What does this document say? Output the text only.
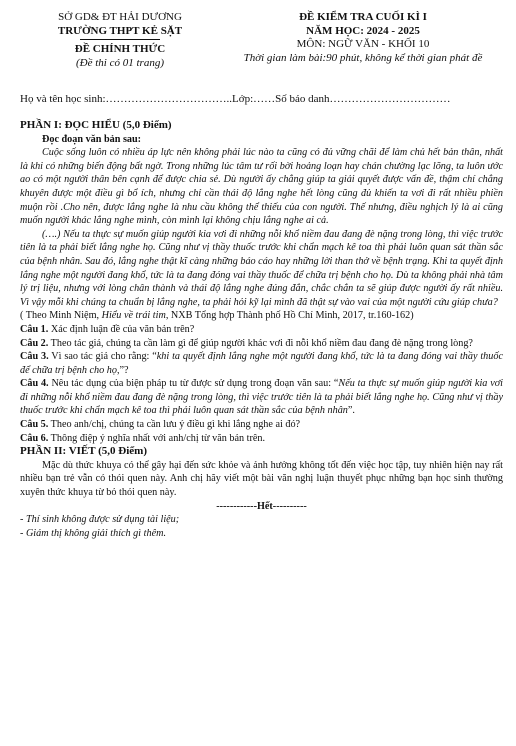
SỞ GD& ĐT HẢI DƯƠNG
TRƯỜNG THPT KẺ SẶT
ĐỀ CHÍNH THỨC
(Đề thi có 01 trang)
ĐỀ KIỂM TRA CUỐI KÌ I
NĂM HỌC: 2024 - 2025
MÔN: NGỮ VĂN - KHỐI 10
Thời gian làm bài:90 phút, không kể thời gian phát đề
Họ và tên học sinh:……………………………..Lớp:……Số báo danh……………………………

PHẦN I: ĐỌC HIỂU (5,0 Điểm)

Đọc đoạn văn bản sau:

Cuộc sống luôn có nhiều áp lực nên không phải lúc nào ta cũng có đủ vững chãi để làm chủ hết bản thân, nhất là khi có những biến động bất ngờ. Trong những lúc tâm tư rối bời hoảng loạn hay chán chường lạc lõng, ta luôn ước ao có một người thân bên cạnh để được chia sẻ. Dù người ấy chẳng giúp ta giải quyết được vấn đề, thậm chí chẳng khuyên được một điều gì bổ ích, nhưng chỉ cần thái độ lắng nghe hết lòng cũng đủ khiến ta vơi đi rất nhiều phiền muộn rồi .Cho nên, được lắng nghe là nhu cầu không thể thiếu của con người. Thế nhưng, điều nghịch lý là ai cũng muốn người khác lắng nghe mình, còn mình lại không chịu lắng nghe ai cả.

(….) Nếu ta thực sự muốn giúp người kia vơi đi những nỗi khổ niềm đau đang đè nặng trong lòng, thì việc trước tiên là ta phải biết lắng nghe họ. Cũng như vị thầy thuốc trước khi chẩn mạch kê toa thì phải luôn quan sát thần sắc của bệnh nhân. Sau đó, lắng nghe thật kĩ càng những báo cáo hay những lời than thở về bệnh trạng. Khi ta quyết định lắng nghe một người đang khổ, tức là ta đang đóng vai thầy thuốc để chữa trị bệnh cho họ. Dù ta không phải nhà tâm lý trị liệu, nhưng với lòng chân thành và thái độ lắng nghe đúng đắn, chắc chắn ta sẽ giúp được người ấy rất nhiều. Vì vậy mỗi khi chúng ta chuẩn bị lắng nghe, ta phải hỏi kỹ lại mình đã thật sự vào vai của một người cứu giúp chưa?

( Theo Minh Niệm, Hiểu về trái tim, NXB Tổng hợp Thành phố Hồ Chí Minh, 2017, tr.160-162)

Câu 1. Xác định luận đề của văn bản trên?

Câu 2. Theo tác giả, chúng ta cần làm gì để giúp người khác vơi đi nỗi khổ niềm đau đang đè nặng trong lòng?

Câu 3. Vì sao tác giả cho rằng: “khi ta quyết định lắng nghe một người đang khổ, tức là ta đang đóng vai thầy thuốc để chữa trị bệnh cho họ,”?

Câu 4. Nêu tác dụng của biện pháp tu từ được sử dụng trong đoạn văn sau: “Nếu ta thực sự muốn giúp người kia vơi đi những nỗi khổ niềm đau đang đè nặng trong lòng, thì việc trước tiên là ta phải biết lắng nghe họ. Cũng như vị thầy thuốc trước khi chẩn mạch kê toa thì phải luôn quan sát thần sắc của bệnh nhân”.

Câu 5. Theo anh/chị, chúng ta cần lưu ý điều gì khi lắng nghe ai đó?

Câu 6. Thông điệp ý nghĩa nhất với anh/chị từ văn bản trên.

PHẦN II: VIẾT (5,0 Điểm)

Mặc dù thức khuya có thể gây hại đến sức khỏe và ảnh hưởng không tốt đến việc học tập, tuy nhiên hiện nay rất nhiều bạn trẻ vẫn có thói quen này. Anh chị hãy viết một bài văn nghị luận thuyết phục những bạn học sinh thường xuyên thức khuya từ bỏ thói quen này.

------------Hết----------

- Thí sinh không được sử dụng tài liệu;

- Giám thị không giải thích gì thêm.
